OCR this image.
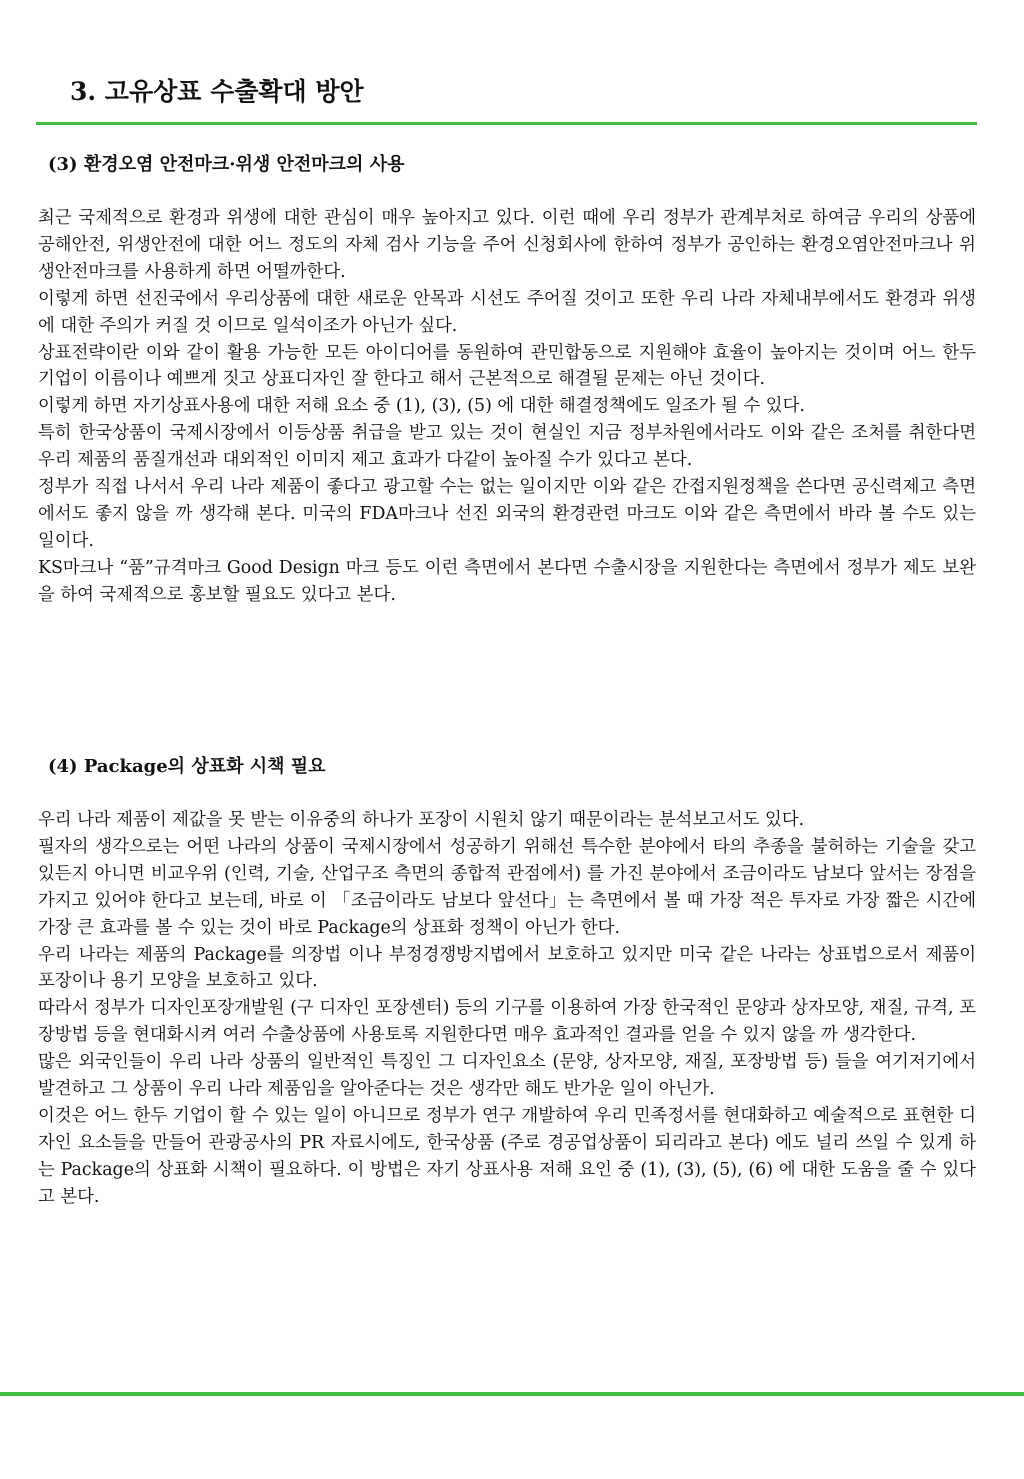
3. 고유상표 수출확대 방안
(3) 환경오염 안전마크·위생 안전마크의 사용

최근 국제적으로 환경과 위생에 대한 관심이 매우 높아지고 있다. 이런 때에 우리 정부가 관계부처로 하여금 우리의 상품에 공해안전, 위생안전에 대한 어느 정도의 자체 검사 기능을 주어 신청회사에 한하여 정부가 공인하는 환경오염안전마크나 위생안전마크를 사용하게 하면 어떨까한다.

이렇게 하면 선진국에서 우리상품에 대한 새로운 안목과 시선도 주어질 것이고 또한 우리 나라 자체내부에서도 환경과 위생에 대한 주의가 커질 것 이므로 일석이조가 아닌가 싶다.

상표전략이란 이와 같이 활용 가능한 모든 아이디어를 동원하여 관민합동으로 지원해야 효율이 높아지는 것이며 어느 한두 기업이 이름이나 예쁘게 짓고 상표디자인 잘 한다고 해서 근본적으로 해결될 문제는 아닌 것이다.

이렇게 하면 자기상표사용에 대한 저해 요소 중 (1), (3), (5) 에 대한 해결정책에도 일조가 될 수 있다.

특히 한국상품이 국제시장에서 이등상품 취급을 받고 있는 것이 현실인 지금 정부차원에서라도 이와 같은 조처를 취한다면 우리 제품의 품질개선과 대외적인 이미지 제고 효과가 다같이 높아질 수가 있다고 본다.

정부가 직접 나서서 우리 나라 제품이 좋다고 광고할 수는 없는 일이지만 이와 같은 간접지원정책을 쓴다면 공신력제고 측면에서도 좋지 않을 까 생각해 본다. 미국의 FDA마크나 선진 외국의 환경관련 마크도 이와 같은 측면에서 바라 볼 수도 있는 일이다.

KS마크나 “품”규격마크 Good Design 마크 등도 이런 측면에서 본다면 수출시장을 지원한다는 측면에서 정부가 제도 보완을 하여 국제적으로 홍보할 필요도 있다고 본다.

(4) Package의 상표화 시책 필요

우리 나라 제품이 제값을 못 받는 이유중의 하나가 포장이 시원치 않기 때문이라는 분석보고서도 있다.

필자의 생각으로는 어떤 나라의 상품이 국제시장에서 성공하기 위해선 특수한 분야에서 타의 추종을 불허하는 기술을 갖고 있든지 아니면 비교우위 (인력, 기술, 산업구조 측면의 종합적 관점에서) 를 가진 분야에서 조금이라도 남보다 앞서는 장점을 가지고 있어야 한다고 보는데, 바로 이 「조금이라도 남보다 앞선다」는 측면에서 볼 때 가장 적은 투자로 가장 짧은 시간에 가장 큰 효과를 볼 수 있는 것이 바로 Package의 상표화 정책이 아닌가 한다.

우리 나라는 제품의 Package를 의장법 이나 부정경쟁방지법에서 보호하고 있지만 미국 같은 나라는 상표법으로서 제품이 포장이나 용기 모양을 보호하고 있다.

따라서 정부가 디자인포장개발원 (구 디자인 포장센터) 등의 기구를 이용하여 가장 한국적인 문양과 상자모양, 재질, 규격, 포장방법 등을 현대화시켜 여러 수출상품에 사용토록 지원한다면 매우 효과적인 결과를 얻을 수 있지 않을 까 생각한다.

많은 외국인들이 우리 나라 상품의 일반적인 특징인 그 디자인요소 (문양, 상자모양, 재질, 포장방법 등) 들을 여기저기에서 발견하고 그 상품이 우리 나라 제품임을 알아준다는 것은 생각만 해도 반가운 일이 아닌가.

이것은 어느 한두 기업이 할 수 있는 일이 아니므로 정부가 연구 개발하여 우리 민족정서를 현대화하고 예술적으로 표현한 디자인 요소들을 만들어 관광공사의 PR 자료시에도, 한국상품 (주로 경공업상품이 되리라고 본다) 에도 널리 쓰일 수 있게 하는 Package의 상표화 시책이 필요하다. 이 방법은 자기 상표사용 저해 요인 중 (1), (3), (5), (6) 에 대한 도움을 줄 수 있다고 본다.
